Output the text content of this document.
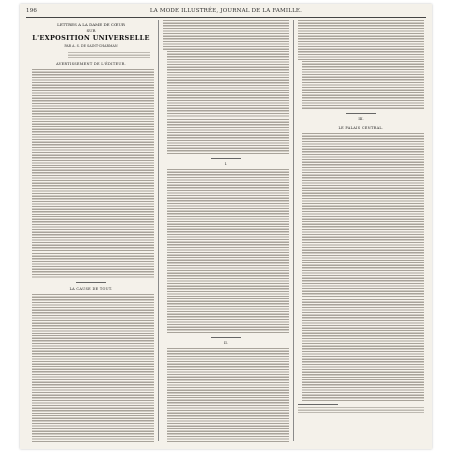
196	LA MODE ILLUSTRÉE, JOURNAL DE LA FAMILLE.
LETTRES A LA DAME DE CŒUR
SUR
L'EXPOSITION UNIVERSELLE
PAR A. S. DE SAINT-CHARMAN
AVERTISSEMENT DE L'ÉDITEUR.
LA CAUSE DE TOUT.
I.
II.
III.
LE PALAIS CENTRAL.
